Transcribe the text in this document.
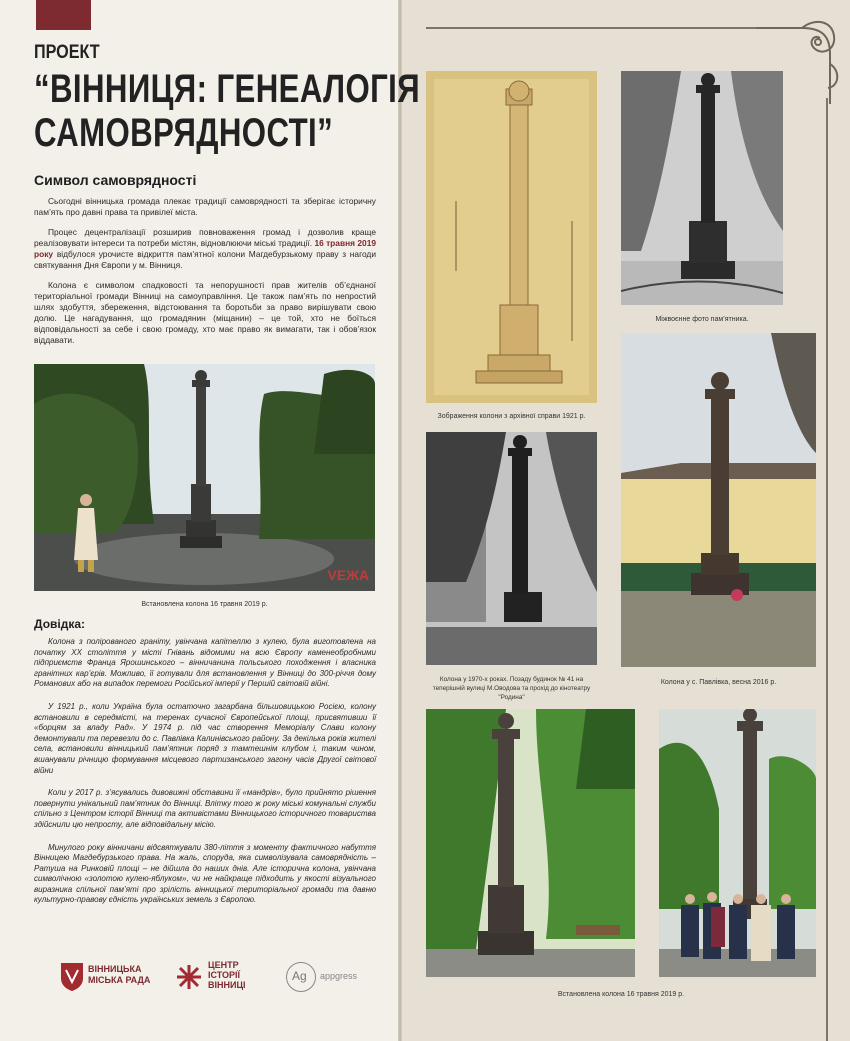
ПРОЕКТ
“ВІННИЦЯ: ГЕНЕАЛОГІЯ
САМОВРЯДНОСТІ”
Символ самоврядності

Сьогодні вінницька громада плекає традиції самоврядності та зберігає історичну пам’ять про давні права та привілеї міста.

Процес децентралізації розширив повноваження громад і дозволив краще реалізовувати інтереси та потреби містян, відновлюючи міські традиції. 16 травня 2019 року відбулося урочисте відкриття пам’ятної колони Магдебурзькому праву з нагоди святкування Дня Європи у м. Вінниця.

Колона є символом спадковості та непорушності прав жителів об’єднаної територіальної громади Вінниці на самоуправління. Це також пам’ять по непростий шлях здобуття, збереження, відстоювання та боротьби за право вирішувати свою долю. Це нагадування, що громадянин (міщанин) – це той, хто не боїться відповідальності за себе і свою громаду, хто має право як вимагати, так і обов’язок віддавати.

VEЖA
Встановлена колона 16 травня 2019 р.
Довідка:

Колона з полірованого граніту, увінчана капітеллю з кулею, була виготовлена на початку XX століття у місті Гнівань відомими на всю Європу каменеобробними підприємств Франца Ярошинського – вінничанина польського походження і власника гранітних кар’єрів. Можливо, її готували для встановлення у Вінниці до 300-річчя дому Романових або на випадок перемоги Російської імперії у Першій світовій війні.

У 1921 р., коли Україна була остаточно загарбана більшовицькою Росією, колону встановили в середмісті, на теренах сучасної Європейської площі, присвятивши її «борцям за владу Рад». У 1974 р. під час створення Меморіалу Слави колону демонтували та перевезли до с. Павлівка Калинівського району. За декілька років жителі села, встановили вінницький пам’ятник поряд з тамтешнім клубом і, таким чином, вшанували річницю формування місцевого партизанського загону часів Другої світової війни

Коли у 2017 р. з’ясувались дивовижні обставини її «мандрів», було прийнято рішення повернути унікальний пам’ятник до Вінниці. Влітку того ж року міські комунальні служби спільно з Центром історії Вінниці та активістами Вінницького історичного товариства здійснили цю непросту, але відповідальну місію.

Минулого року вінничани відсвяткували 380-ліття з моменту фактичного набуття Вінницею Магдебурзького права. На жаль, споруда, яка символізувала самоврядність – Ратуша на Ринковій площі – не дійшла до наших днів. Але історична колона, увінчана символічною «золотою кулею-яблуком», чи не найкраще підходить у якості візуального виразника спільної пам’яті про зрілість вінницької територіальної громади та давню культурно-правову єдність українських земель з Європою.

ВІННИЦЬКА
МІСЬКА РАДА
ЦЕНТР
ІСТОРІЇ
ВІННИЦІ
Ag appgress
Зображення колони з архівної справи 1921 р.
Міжвоєнне фото пам’ятника.
Колона у 1970-х роках. Позаду будинок № 41 на теперішній вулиці М.Оводова та прохід до кінотеатру "Родина"
Колона у с. Павлівка, весна 2016 р.
Встановлена колона 16 травня 2019 р.
